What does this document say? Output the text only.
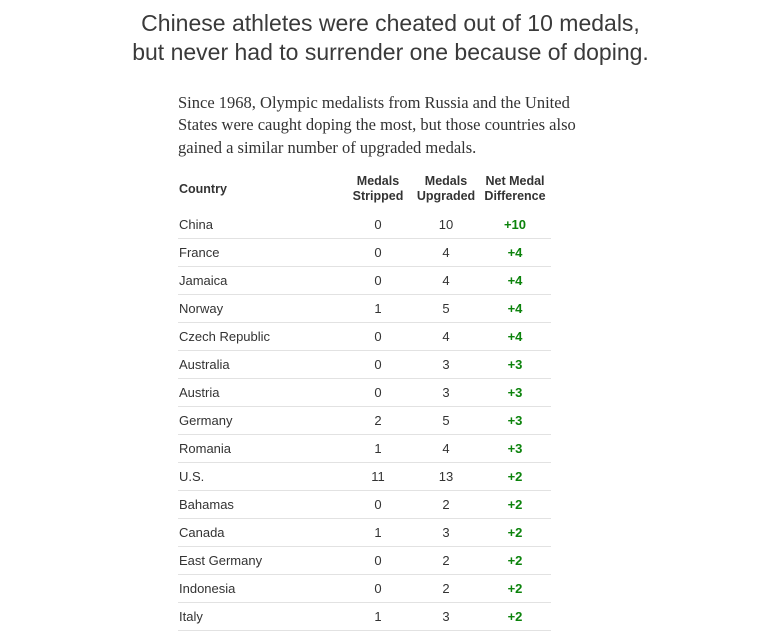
Chinese athletes were cheated out of 10 medals,
but never had to surrender one because of doping.

Since 1968, Olympic medalists from Russia and the United
States were caught doping the most, but those countries also
gained a similar number of upgraded medals.

Country	Medals Stripped	Medals Upgraded	Net Medal Difference
China	0	10	+10
France	0	4	+4
Jamaica	0	4	+4
Norway	1	5	+4
Czech Republic	0	4	+4
Australia	0	3	+3
Austria	0	3	+3
Germany	2	5	+3
Romania	1	4	+3
U.S.	11	13	+2
Bahamas	0	2	+2
Canada	1	3	+2
East Germany	0	2	+2
Indonesia	0	2	+2
Italy	1	3	+2
